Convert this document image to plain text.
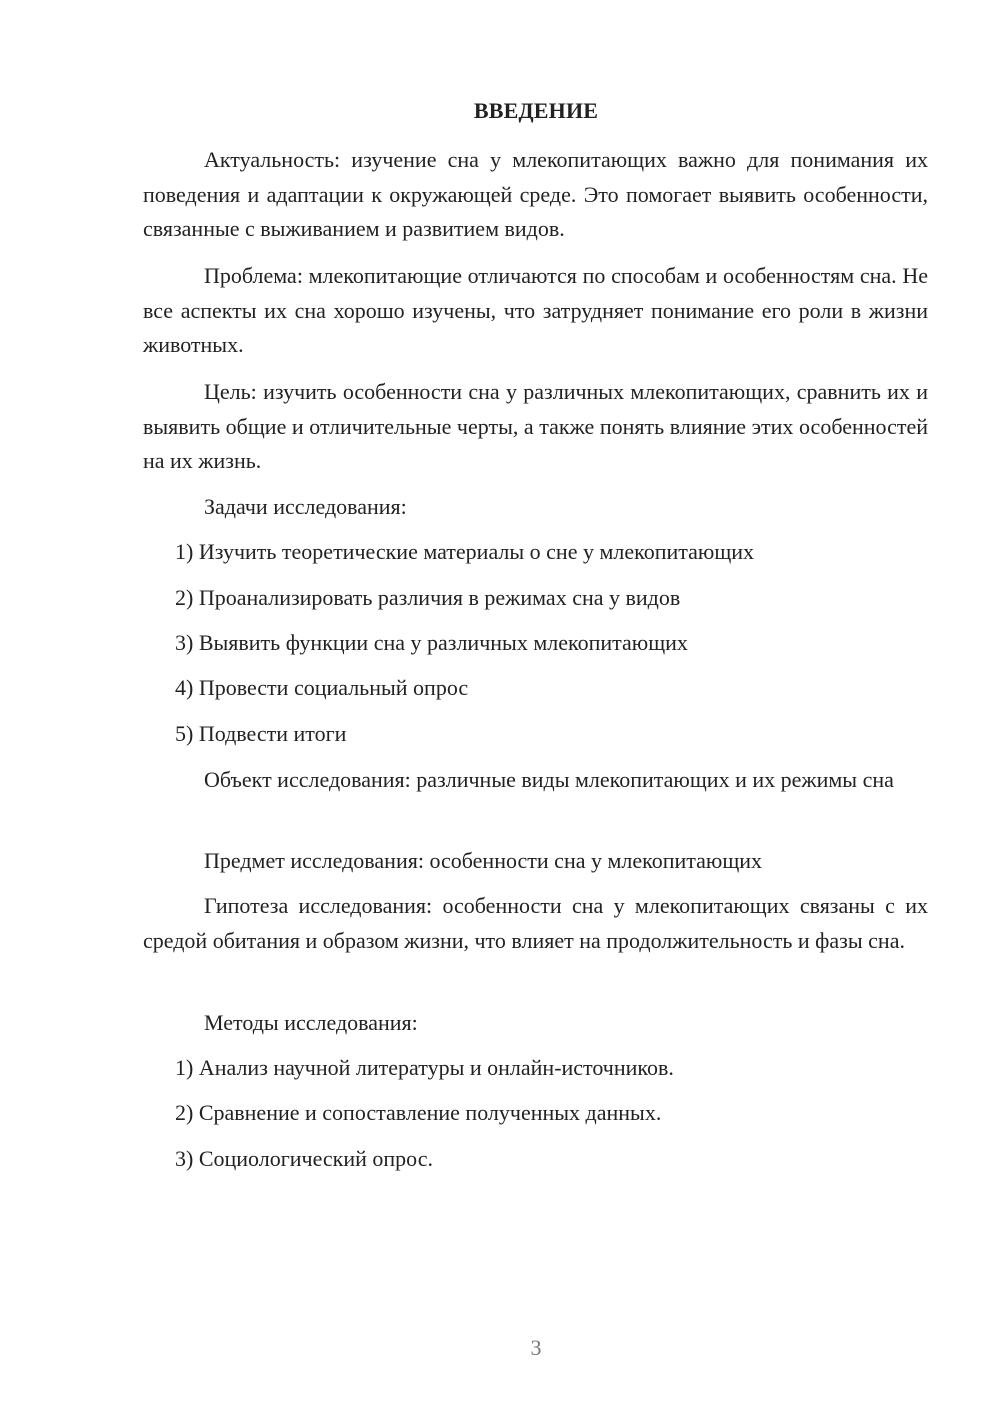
ВВЕДЕНИЕ

Актуальность: изучение сна у млекопитающих важно для понимания их поведения и адаптации к окружающей среде. Это помогает выявить особенности, связанные с выживанием и развитием видов.

Проблема: млекопитающие отличаются по способам и особенностям сна. Не все аспекты их сна хорошо изучены, что затрудняет понимание его роли в жизни животных.

Цель: изучить особенности сна у различных млекопитающих, сравнить их и выявить общие и отличительные черты, а также понять влияние этих особенностей на их жизнь.

Задачи исследования:

1) Изучить теоретические материалы о сне у млекопитающих
2) Проанализировать различия в режимах сна у видов
3) Выявить функции сна у различных млекопитающих
4) Провести социальный опрос
5) Подвести итоги

Объект исследования: различные виды млекопитающих и их режимы сна

Предмет исследования: особенности сна у млекопитающих

Гипотеза исследования: особенности сна у млекопитающих связаны с их средой обитания и образом жизни, что влияет на продолжительность и фазы сна.

Методы исследования:

1) Анализ научной литературы и онлайн-источников.
2) Сравнение и сопоставление полученных данных.
3) Социологический опрос.
3
